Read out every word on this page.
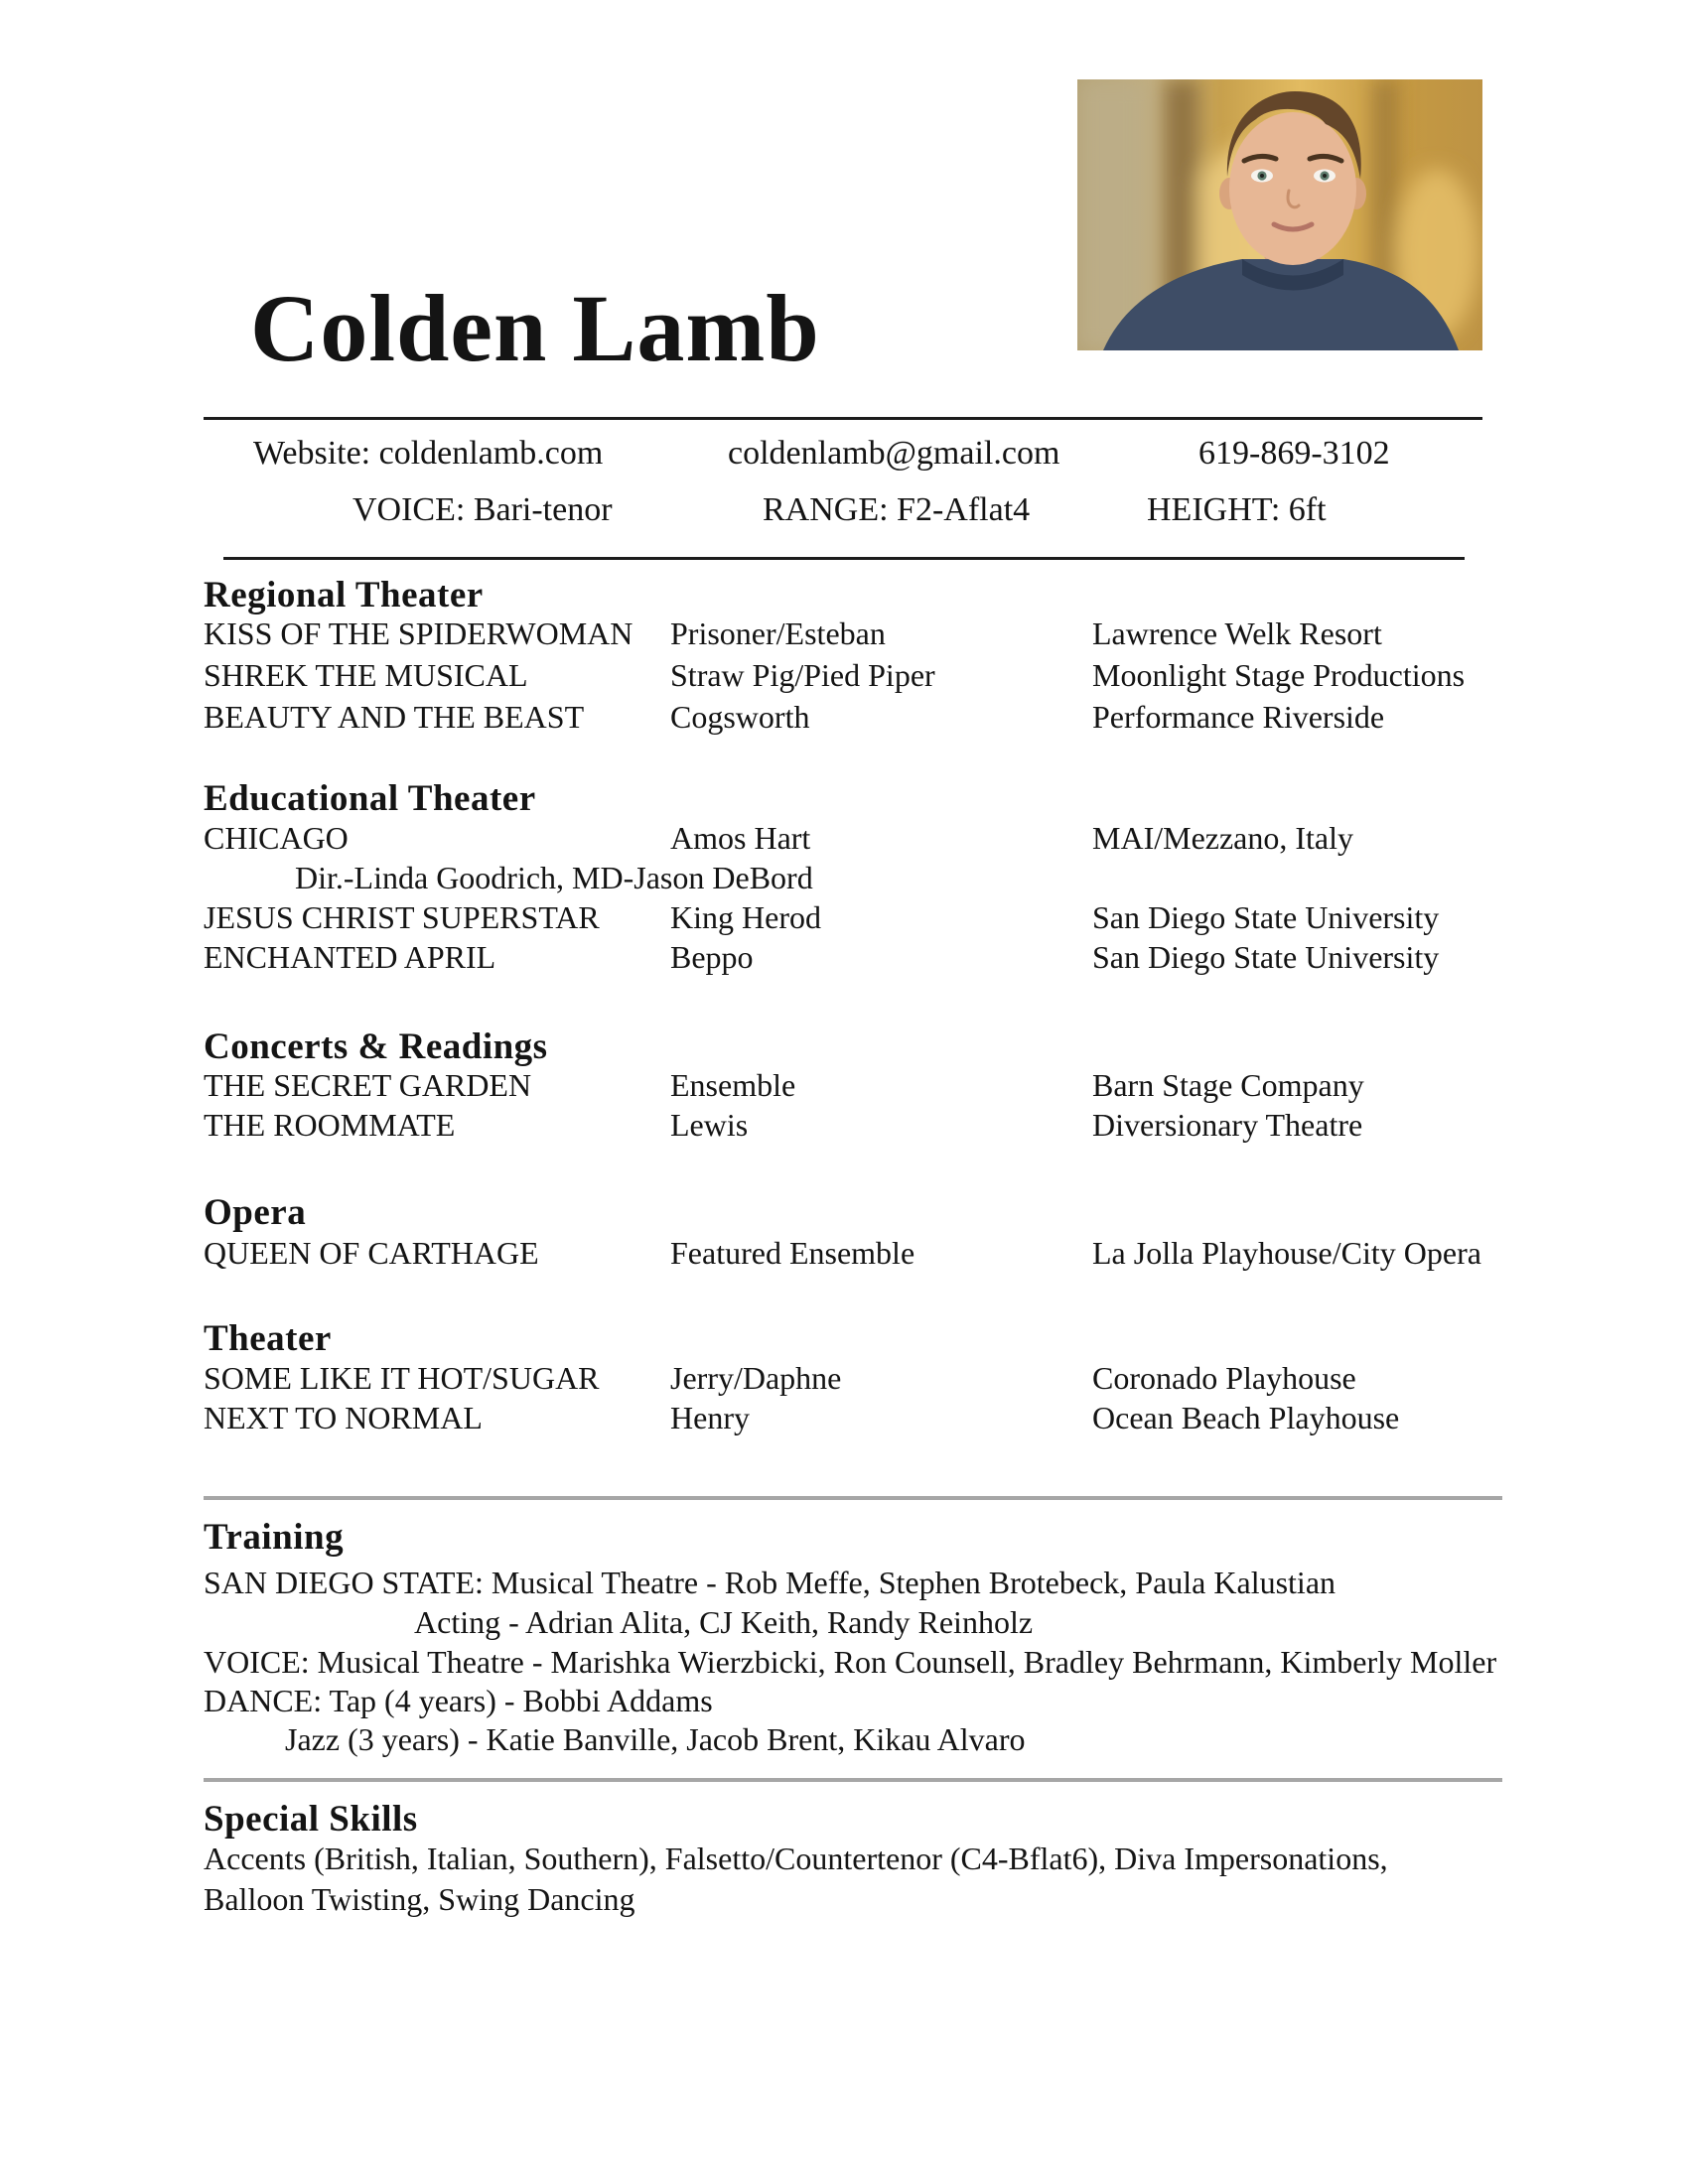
Colden Lamb
Website: coldenlamb.com	coldenlamb@gmail.com	619-869-3102
VOICE: Bari-tenor	RANGE: F2-Aflat4	HEIGHT: 6ft
Regional Theater
KISS OF THE SPIDERWOMAN Prisoner/Esteban	Lawrence Welk Resort
SHREK THE MUSICAL	Straw Pig/Pied Piper	Moonlight Stage Productions
BEAUTY AND THE BEAST	Cogsworth	Performance Riverside
Educational Theater
CHICAGO	Amos Hart	MAI/Mezzano, Italy
Dir.-Linda Goodrich, MD-Jason DeBord
JESUS CHRIST SUPERSTAR King Herod	San Diego State University
ENCHANTED APRIL	Beppo	San Diego State University
Concerts & Readings
THE SECRET GARDEN	Ensemble	Barn Stage Company
THE ROOMMATE	Lewis	Diversionary Theatre
Opera
QUEEN OF CARTHAGE	Featured Ensemble	La Jolla Playhouse/City Opera
Theater
SOME LIKE IT HOT/SUGAR Jerry/Daphne	Coronado Playhouse
NEXT TO NORMAL	Henry	Ocean Beach Playhouse
Training
SAN DIEGO STATE: Musical Theatre - Rob Meffe, Stephen Brotebeck, Paula Kalustian
Acting - Adrian Alita, CJ Keith, Randy Reinholz
VOICE: Musical Theatre - Marishka Wierzbicki, Ron Counsell, Bradley Behrmann, Kimberly Moller
DANCE: Tap (4 years) - Bobbi Addams
Jazz (3 years) - Katie Banville, Jacob Brent, Kikau Alvaro
Special Skills
Accents (British, Italian, Southern), Falsetto/Countertenor (C4-Bflat6), Diva Impersonations,
Balloon Twisting, Swing Dancing
